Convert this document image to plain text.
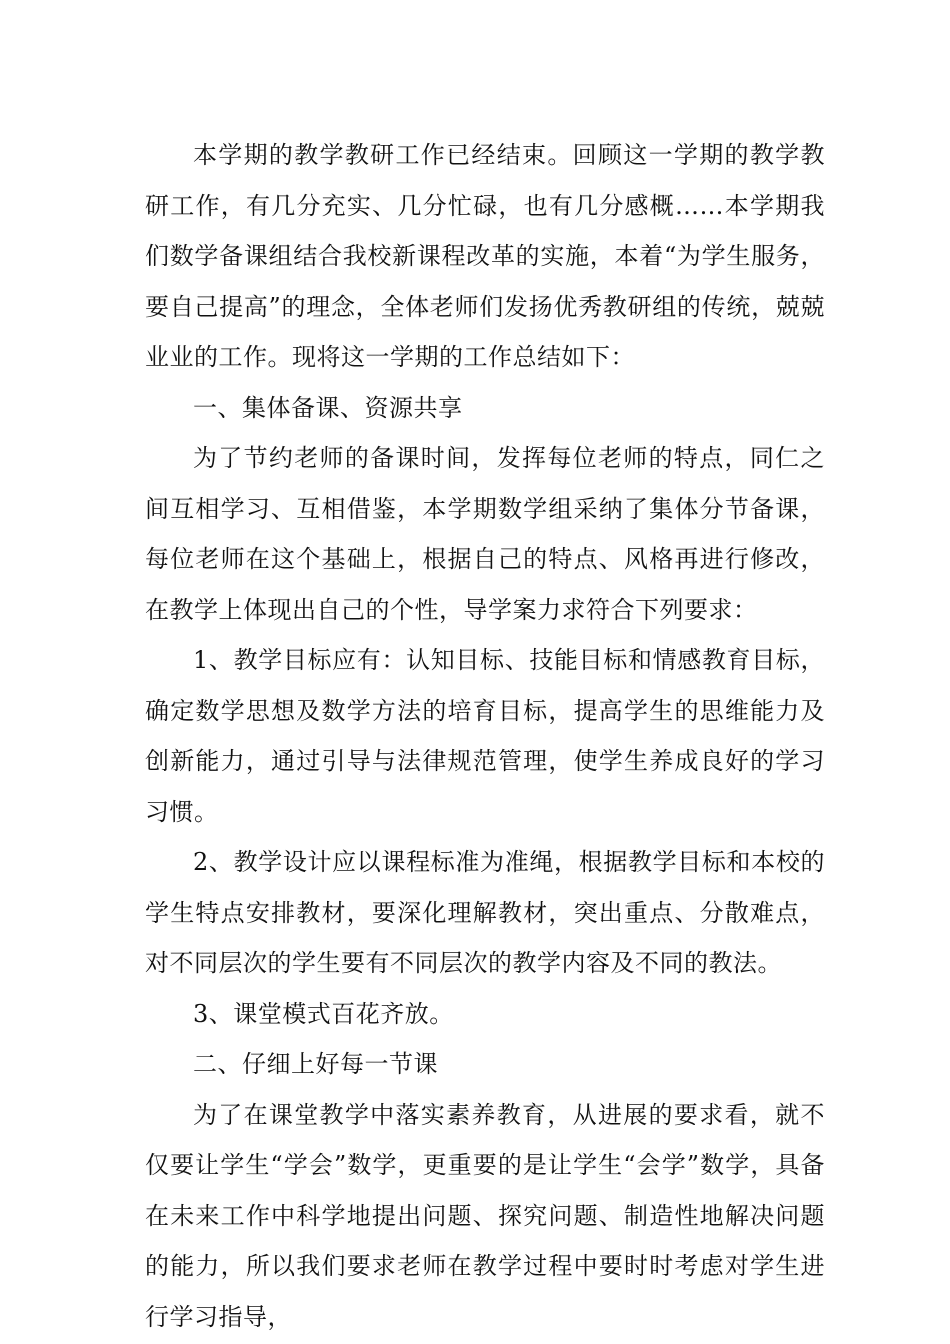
本学期的教学教研工作已经结束。回顾这一学期的教学教研工作，有几分充实、几分忙碌，也有几分感概……本学期我们数学备课组结合我校新课程改革的实施，本着“为学生服务，要自己提高”的理念，全体老师们发扬优秀教研组的传统，兢兢业业的工作。现将这一学期的工作总结如下：

一、集体备课、资源共享

为了节约老师的备课时间，发挥每位老师的特点，同仁之间互相学习、互相借鉴，本学期数学组采纳了集体分节备课，每位老师在这个基础上，根据自己的特点、风格再进行修改，在教学上体现出自己的个性，导学案力求符合下列要求：

1、教学目标应有：认知目标、技能目标和情感教育目标，确定数学思想及数学方法的培育目标，提高学生的思维能力及创新能力，通过引导与法律规范管理，使学生养成良好的学习习惯。

2、教学设计应以课程标准为准绳，根据教学目标和本校的学生特点安排教材，要深化理解教材，突出重点、分散难点，对不同层次的学生要有不同层次的教学内容及不同的教法。

3、课堂模式百花齐放。

二、仔细上好每一节课

为了在课堂教学中落实素养教育，从进展的要求看，就不仅要让学生“学会”数学，更重要的是让学生“会学”数学，具备在未来工作中科学地提出问题、探究问题、制造性地解决问题的能力，所以我们要求老师在教学过程中要时时考虑对学生进行学习指导，
